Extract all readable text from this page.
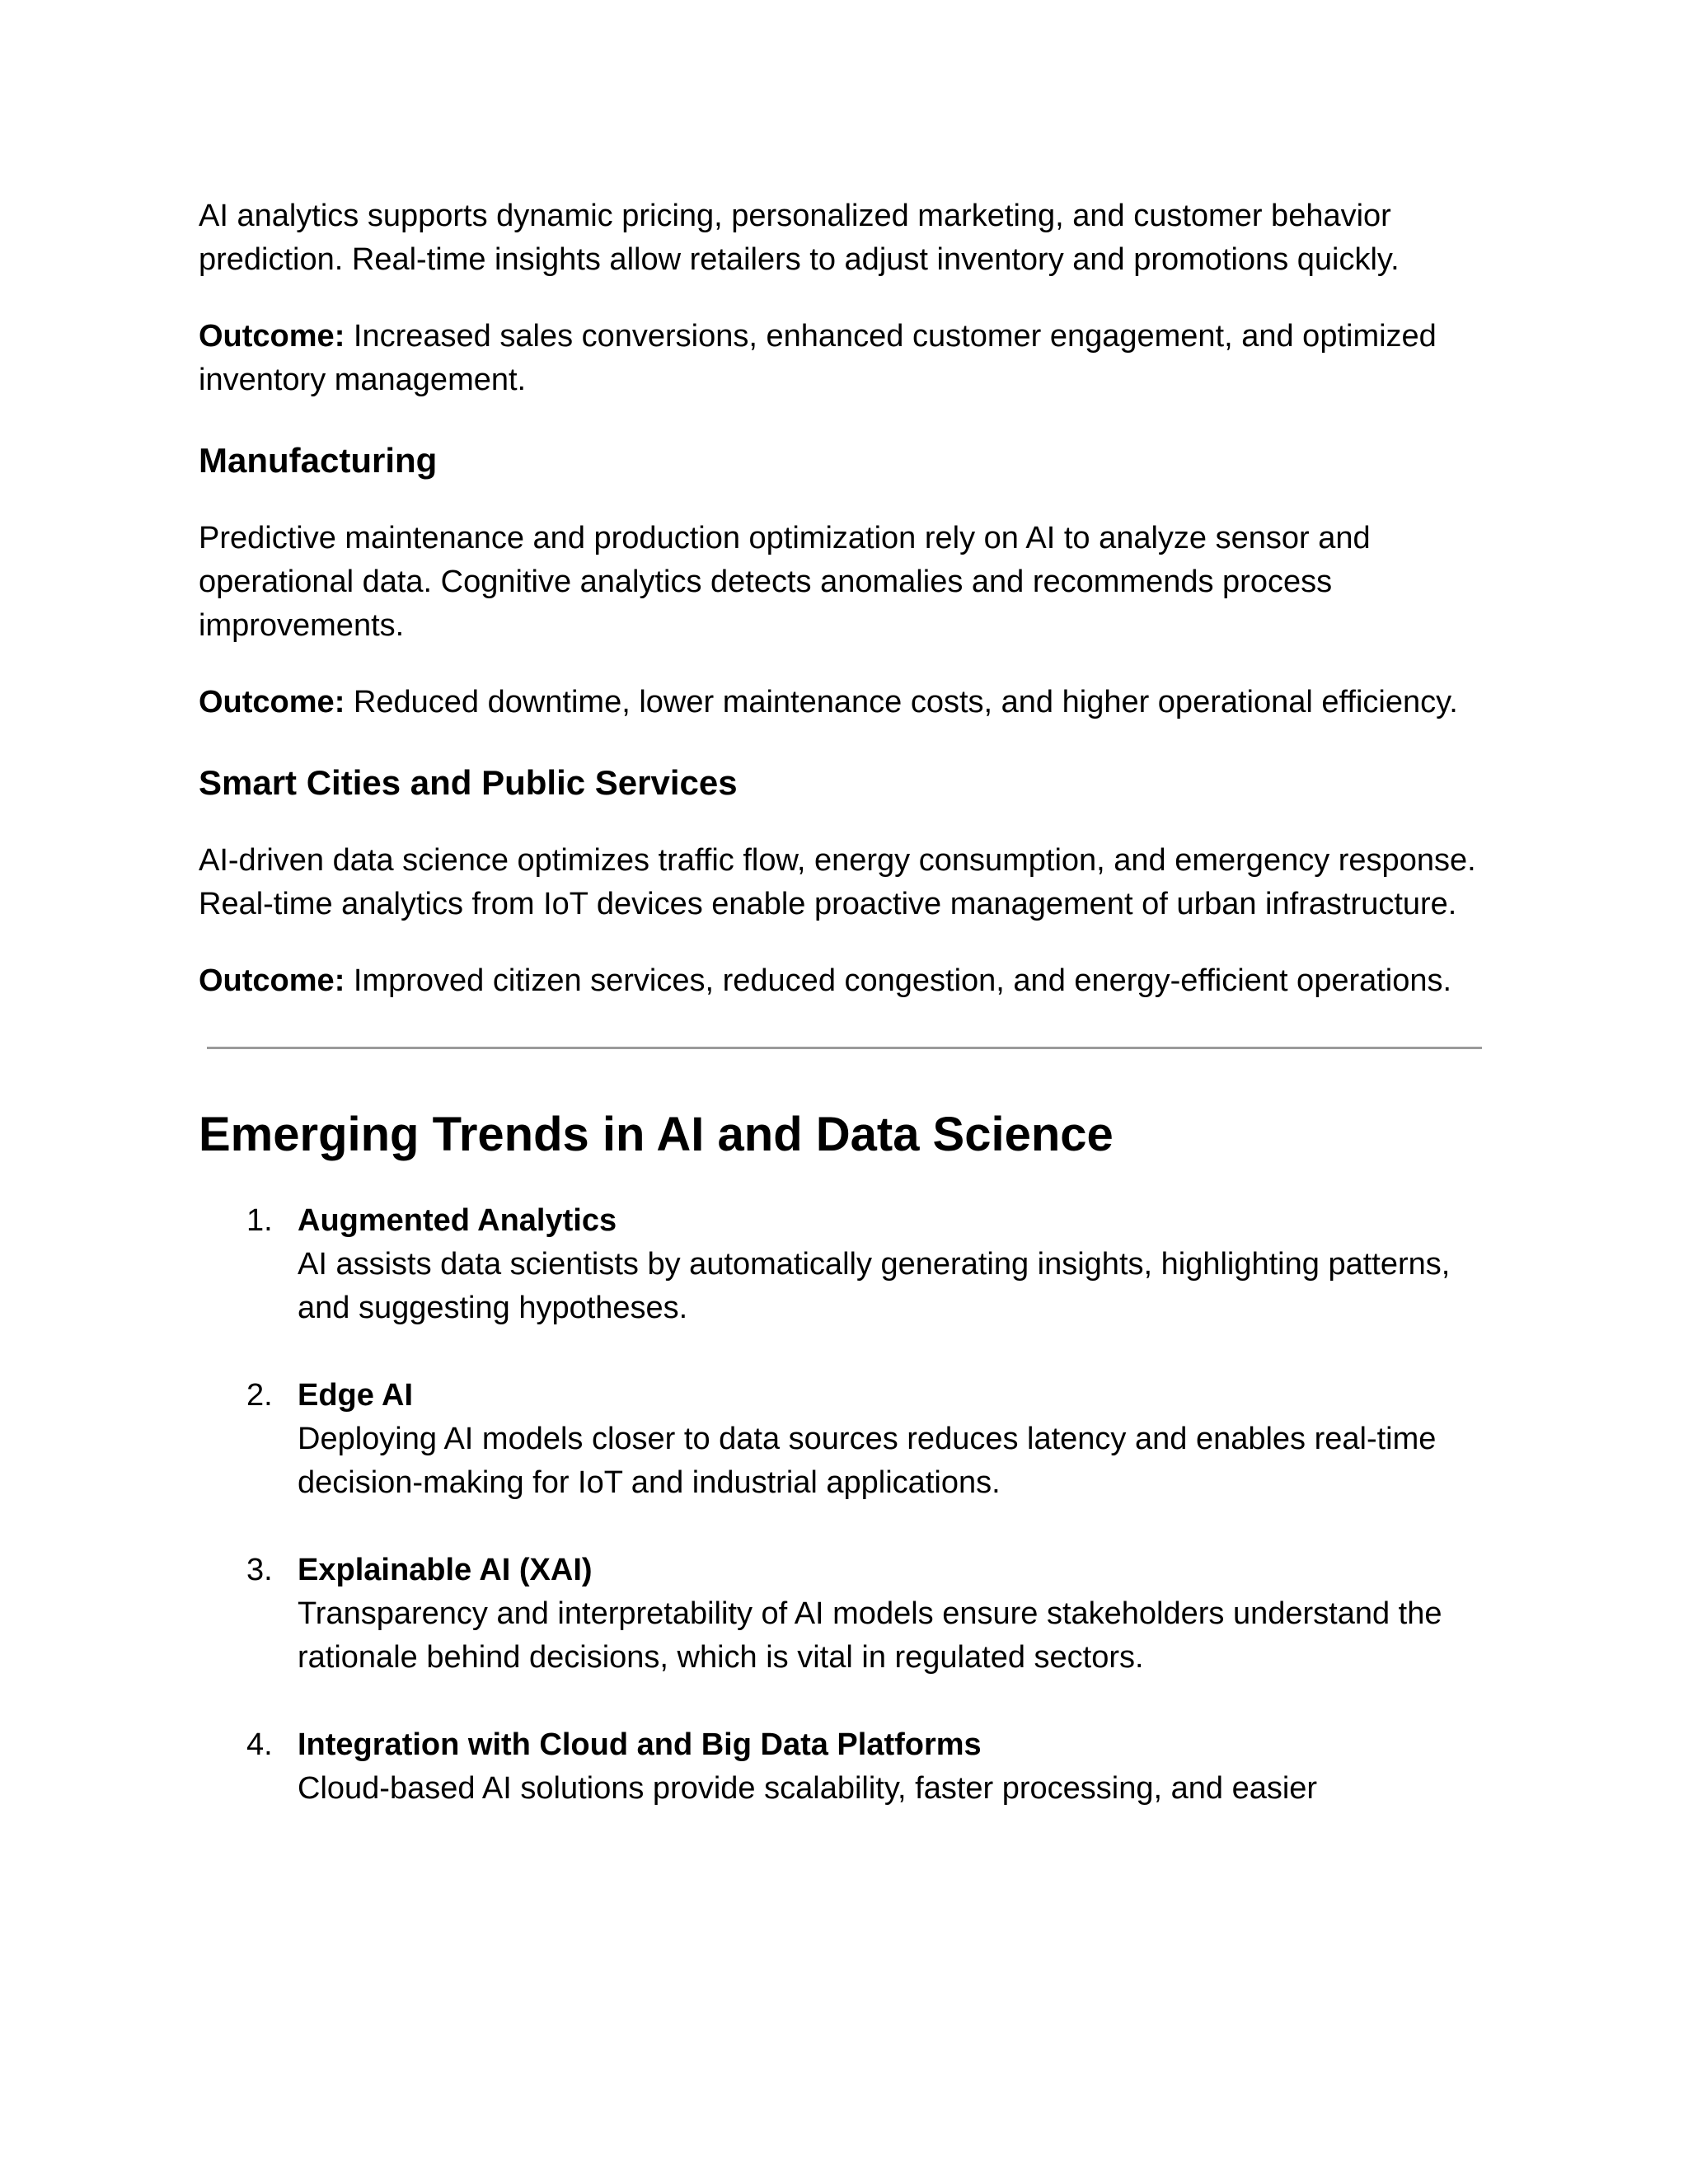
AI analytics supports dynamic pricing, personalized marketing, and customer behavior prediction. Real-time insights allow retailers to adjust inventory and promotions quickly.

Outcome: Increased sales conversions, enhanced customer engagement, and optimized inventory management.

Manufacturing

Predictive maintenance and production optimization rely on AI to analyze sensor and operational data. Cognitive analytics detects anomalies and recommends process improvements.

Outcome: Reduced downtime, lower maintenance costs, and higher operational efficiency.

Smart Cities and Public Services

AI-driven data science optimizes traffic flow, energy consumption, and emergency response. Real-time analytics from IoT devices enable proactive management of urban infrastructure.

Outcome: Improved citizen services, reduced congestion, and energy-efficient operations.

Emerging Trends in AI and Data Science
1. Augmented Analytics
AI assists data scientists by automatically generating insights, highlighting patterns, and suggesting hypotheses.
2. Edge AI
Deploying AI models closer to data sources reduces latency and enables real-time decision-making for IoT and industrial applications.
3. Explainable AI (XAI)
Transparency and interpretability of AI models ensure stakeholders understand the rationale behind decisions, which is vital in regulated sectors.
4. Integration with Cloud and Big Data Platforms
Cloud-based AI solutions provide scalability, faster processing, and easier
